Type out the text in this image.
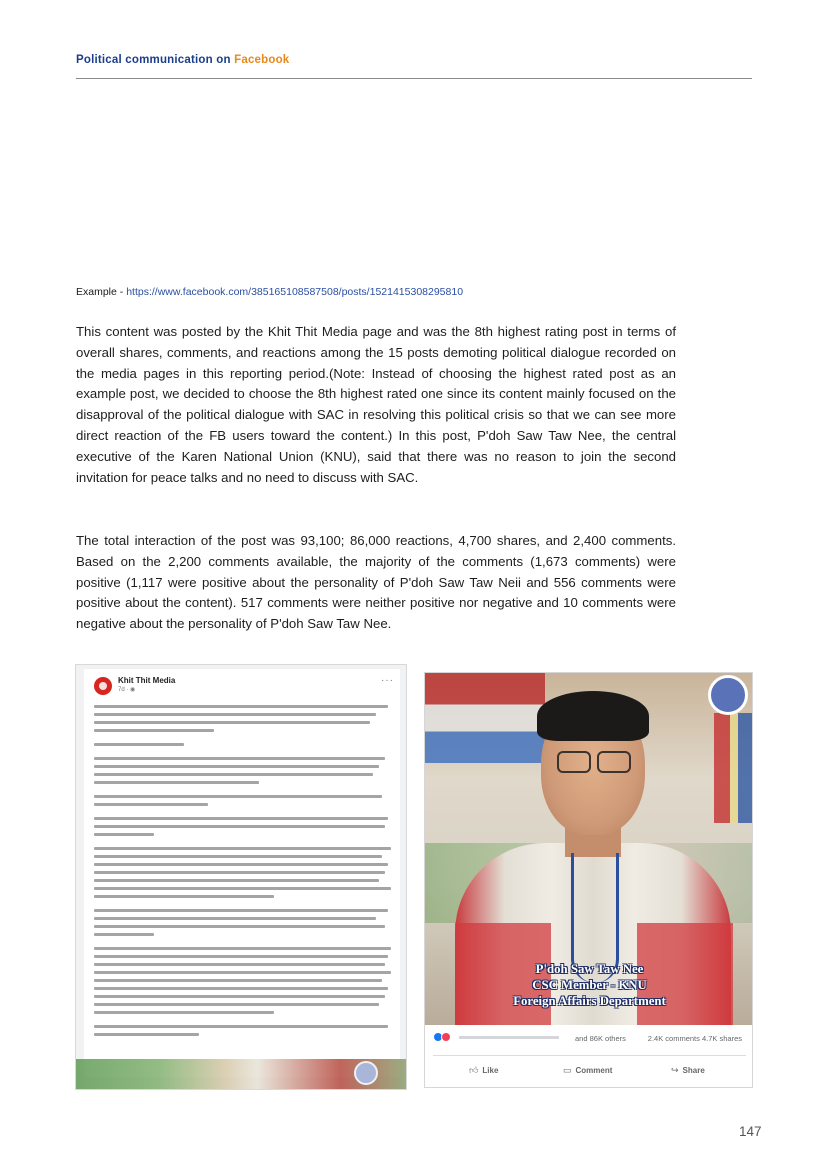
Political communication on Facebook
Example - https://www.facebook.com/385165108587508/posts/1521415308295810

This content was posted by the Khit Thit Media page and was the 8th highest rating post in terms of overall shares, comments, and reactions among the 15 posts demoting political dialogue recorded on the media pages in this reporting period.(Note: Instead of choosing the highest rated post as an example post, we decided to choose the 8th highest rated one since its content mainly focused on the disapproval of the political dialogue with SAC in resolving this political crisis so that we can see more direct reaction of the FB users toward the content.) In this post, P'doh Saw Taw Nee, the central executive of the Karen National Union (KNU), said that there was no reason to join the second invitation for peace talks and no need to discuss with SAC.

The total interaction of the post was 93,100; 86,000 reactions, 4,700 shares, and 2,400 comments. Based on the 2,200 comments available, the majority of the comments (1,673 comments) were positive (1,117 were positive about the personality of P'doh Saw Taw Neii and 556 comments were positive about the content). 517 comments were neither positive nor negative and 10 comments were negative about the personality of P'doh Saw Taw Nee.

Khit Thit Media
7d · ◉
···
P'doh Saw Taw Nee
CSC Member - KNU
Foreign Affairs Department
and 86K others	2.4K comments 4.7K shares
👍︎ Like	▭ Comment	↪ Share
147
